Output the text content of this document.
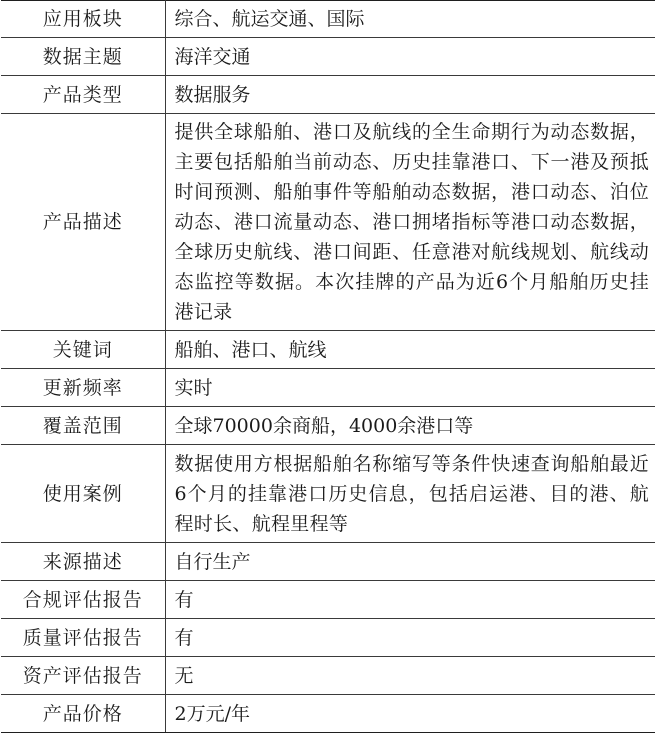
应用板块	综合、航运交通、国际
数据主题	海洋交通
产品类型	数据服务
产品描述	提供全球船舶、港口及航线的全生命期行为动态数据，主要包括船舶当前动态、历史挂靠港口、下一港及预抵时间预测、船舶事件等船舶动态数据，港口动态、泊位动态、港口流量动态、港口拥堵指标等港口动态数据，全球历史航线、港口间距、任意港对航线规划、航线动态监控等数据。本次挂牌的产品为近6个月船舶历史挂港记录
关键词	船舶、港口、航线
更新频率	实时
覆盖范围	全球70000余商船，4000余港口等
使用案例	数据使用方根据船舶名称缩写等条件快速查询船舶最近6个月的挂靠港口历史信息，包括启运港、目的港、航程时长、航程里程等
来源描述	自行生产
合规评估报告	有
质量评估报告	有
资产评估报告	无
产品价格	2万元/年
